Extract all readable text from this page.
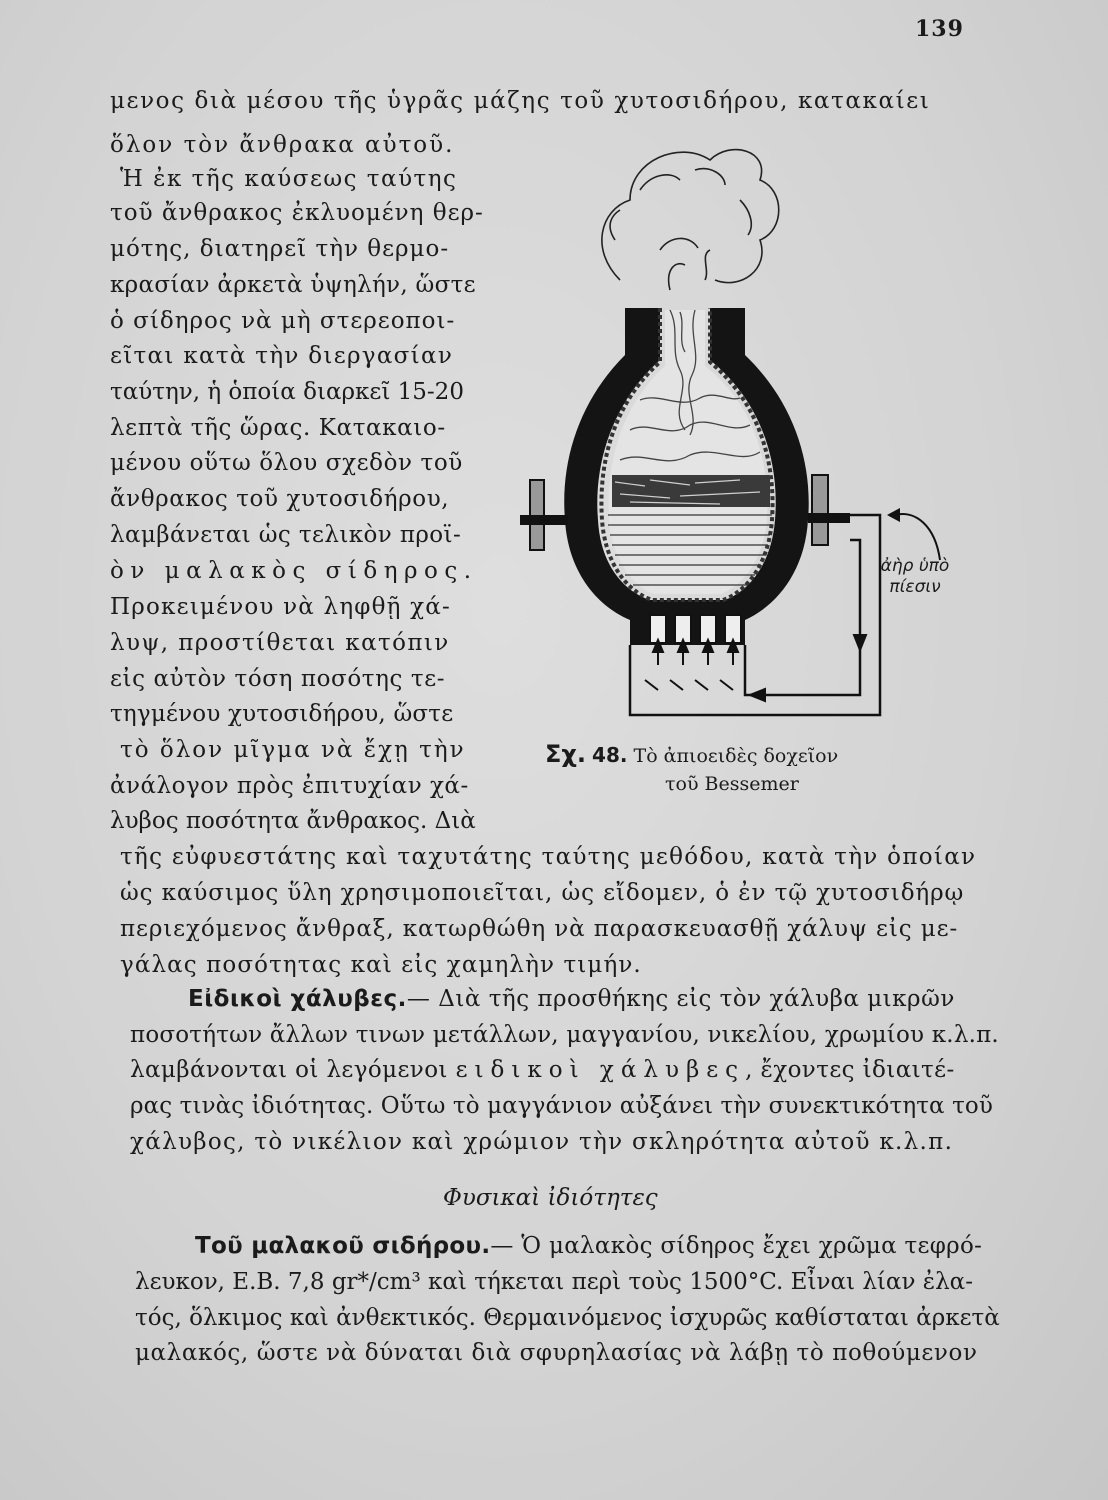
139
μενος διὰ μέσου τῆς ὑγρᾶς μάζης τοῦ χυτοσιδήρου, κατακαίει
ὅλον τὸν ἄνθρακα αὐτοῦ.
Ἡ ἐκ τῆς καύσεως ταύτης
τοῦ ἄνθρακος ἐκλυομένη θερ-
μότης, διατηρεῖ τὴν θερμο-
κρασίαν ἀρκετὰ ὑψηλήν, ὥστε
ὁ σίδηρος νὰ μὴ στερεοποι-
εῖται κατὰ τὴν διεργασίαν
ταύτην, ἡ ὁποία διαρκεῖ 15-20
λεπτὰ τῆς ὥρας. Κατακαιο-
μένου οὕτω ὅλου σχεδὸν τοῦ
ἄνθρακος τοῦ χυτοσιδήρου,
λαμβάνεται ὡς τελικὸν προϊ-
ὸν μαλακὸς σίδηρος.
Προκειμένου νὰ ληφθῇ χά-
λυψ, προστίθεται κατόπιν
εἰς αὐτὸν τόση ποσότης τε-
τηγμένου χυτοσιδήρου, ὥστε
τὸ ὅλον μῖγμα νὰ ἔχῃ τὴν
ἀνάλογον πρὸς ἐπιτυχίαν χά-
λυβος ποσότητα ἄνθρακος. Διὰ
τῆς εὐφυεστάτης καὶ ταχυτάτης ταύτης μεθόδου, κατὰ τὴν ὁποίαν
ὡς καύσιμος ὕλη χρησιμοποιεῖται, ὡς εἴδομεν, ὁ ἐν τῷ χυτοσιδήρῳ
περιεχόμενος ἄνθραξ, κατωρθώθη νὰ παρασκευασθῇ χάλυψ εἰς με-
γάλας ποσότητας καὶ εἰς χαμηλὴν τιμήν.
Εἰδικοὶ χάλυβες.— Διὰ τῆς προσθήκης εἰς τὸν χάλυβα μικρῶν
ποσοτήτων ἄλλων τινων μετάλλων, μαγγανίου, νικελίου, χρωμίου κ.λ.π.
λαμβάνονται οἱ λεγόμενοι ειδικοὶ χάλυβες, ἔχοντες ἰδιαιτέ-
ρας τινὰς ἰδιότητας. Οὕτω τὸ μαγγάνιον αὐξάνει τὴν συνεκτικότητα τοῦ
χάλυβος, τὸ νικέλιον καὶ χρώμιον τὴν σκληρότητα αὐτοῦ κ.λ.π.
Φυσικαὶ ἰδιότητες
Τοῦ μαλακοῦ σιδήρου.— Ὁ μαλακὸς σίδηρος ἔχει χρῶμα τεφρό-
λευκον, Ε.Β. 7,8 gr*/cm³ καὶ τήκεται περὶ τοὺς 1500°C. Εἶναι λίαν ἐλα-
τός, ὅλκιμος καὶ ἀνθεκτικός. Θερμαινόμενος ἰσχυρῶς καθίσταται ἀρκετὰ
μαλακός, ὥστε νὰ δύναται διὰ σφυρηλασίας νὰ λάβῃ τὸ ποθούμενον
ἀὴρ ὑπὸ
πίεσιν
Σχ. 48. Τὸ ἀπιοειδὲς δοχεῖον
τοῦ Bessemer
